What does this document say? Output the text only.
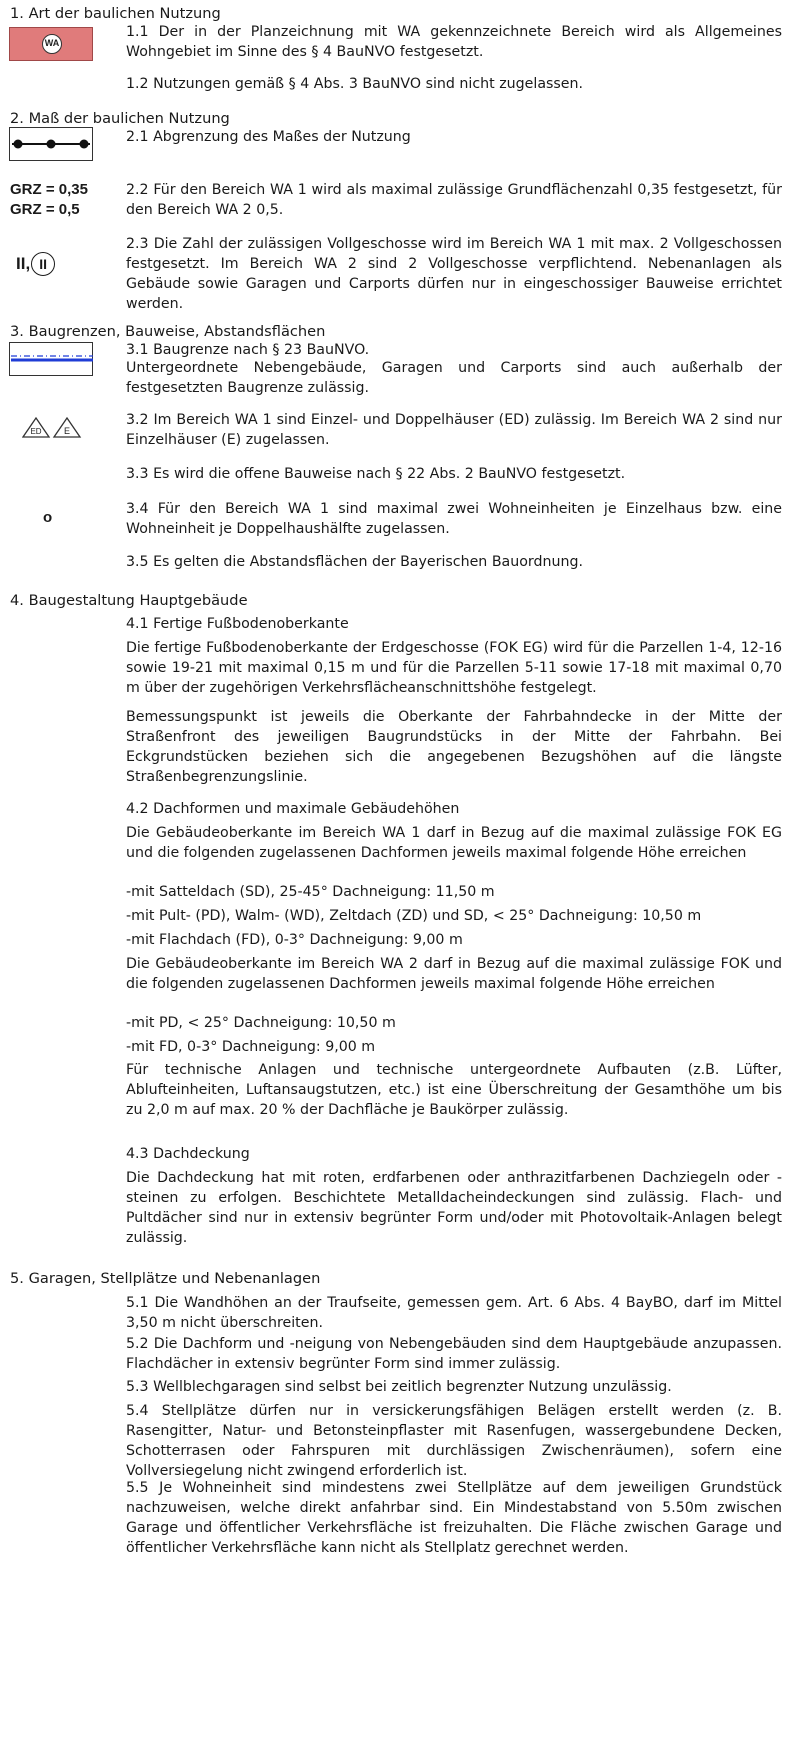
1. Art der baulichen Nutzung
WA
1.1 Der in der Planzeichnung mit WA gekennzeichnete Bereich wird als Allgemeines Wohngebiet im Sinne des § 4 BauNVO festgesetzt.
1.2 Nutzungen gemäß § 4 Abs. 3 BauNVO sind nicht zugelassen.
2. Maß der baulichen Nutzung
2.1 Abgrenzung des Maßes der Nutzung
GRZ = 0,35
GRZ = 0,5
2.2 Für den Bereich WA 1 wird als maximal zulässige Grundflächenzahl 0,35 festgesetzt, für den Bereich WA 2 0,5.
II, II
2.3 Die Zahl der zulässigen Vollgeschosse wird im Bereich WA 1 mit max. 2 Vollgeschossen festgesetzt. Im Bereich WA 2 sind 2 Vollgeschosse verpflichtend. Nebenanlagen als Gebäude sowie Garagen und Carports dürfen nur in eingeschossiger Bauweise errichtet werden.
3. Baugrenzen, Bauweise, Abstandsflächen
3.1 Baugrenze nach § 23 BauNVO.
Untergeordnete Nebengebäude, Garagen und Carports sind auch außerhalb der festgesetzten Baugrenze zulässig.
ED E
3.2 Im Bereich WA 1 sind Einzel- und Doppelhäuser (ED) zulässig. Im Bereich WA 2 sind nur Einzelhäuser (E) zugelassen.
o
3.3 Es wird die offene Bauweise nach § 22 Abs. 2 BauNVO festgesetzt.
3.4 Für den Bereich WA 1 sind maximal zwei Wohneinheiten je Einzelhaus bzw. eine Wohneinheit je Doppelhaushälfte zugelassen.
3.5 Es gelten die Abstandsflächen der Bayerischen Bauordnung.
4. Baugestaltung Hauptgebäude
4.1 Fertige Fußbodenoberkante
Die fertige Fußbodenoberkante der Erdgeschosse (FOK EG) wird für die Parzellen 1-4, 12-16 sowie 19-21 mit maximal 0,15 m und für die Parzellen 5-11 sowie 17-18 mit maximal 0,70 m über der zugehörigen Verkehrsflächeanschnittshöhe festgelegt.
Bemessungspunkt ist jeweils die Oberkante der Fahrbahndecke in der Mitte der Straßenfront des jeweiligen Baugrundstücks in der Mitte der Fahrbahn. Bei Eckgrundstücken beziehen sich die angegebenen Bezugshöhen auf die längste Straßenbegrenzungslinie.
4.2 Dachformen und maximale Gebäudehöhen
Die Gebäudeoberkante im Bereich WA 1 darf in Bezug auf die maximal zulässige FOK EG und die folgenden zugelassenen Dachformen jeweils maximal folgende Höhe erreichen
-mit Satteldach (SD), 25-45° Dachneigung: 11,50 m
-mit Pult- (PD), Walm- (WD), Zeltdach (ZD) und SD, < 25° Dachneigung: 10,50 m
-mit Flachdach (FD), 0-3° Dachneigung: 9,00 m
Die Gebäudeoberkante im Bereich WA 2 darf in Bezug auf die maximal zulässige FOK und die folgenden zugelassenen Dachformen jeweils maximal folgende Höhe erreichen
-mit PD, < 25° Dachneigung: 10,50 m
-mit FD, 0-3° Dachneigung: 9,00 m
Für technische Anlagen und technische untergeordnete Aufbauten (z.B. Lüfter, Ablufteinheiten, Luftansaugstutzen, etc.) ist eine Überschreitung der Gesamthöhe um bis zu 2,0 m auf max. 20 % der Dachfläche je Baukörper zulässig.
4.3 Dachdeckung
Die Dachdeckung hat mit roten, erdfarbenen oder anthrazitfarbenen Dachziegeln oder -steinen zu erfolgen. Beschichtete Metalldacheindeckungen sind zulässig. Flach- und Pultdächer sind nur in extensiv begrünter Form und/oder mit Photovoltaik-Anlagen belegt zulässig.
5. Garagen, Stellplätze und Nebenanlagen
5.1 Die Wandhöhen an der Traufseite, gemessen gem. Art. 6 Abs. 4 BayBO, darf im Mittel 3,50 m nicht überschreiten.
5.2 Die Dachform und -neigung von Nebengebäuden sind dem Hauptgebäude anzupassen. Flachdächer in extensiv begrünter Form sind immer zulässig.
5.3 Wellblechgaragen sind selbst bei zeitlich begrenzter Nutzung unzulässig.
5.4 Stellplätze dürfen nur in versickerungsfähigen Belägen erstellt werden (z. B. Rasengitter, Natur- und Betonsteinpflaster mit Rasenfugen, wassergebundene Decken, Schotterrasen oder Fahrspuren mit durchlässigen Zwischenräumen), sofern eine Vollversiegelung nicht zwingend erforderlich ist.
5.5 Je Wohneinheit sind mindestens zwei Stellplätze auf dem jeweiligen Grundstück nachzuweisen, welche direkt anfahrbar sind. Ein Mindestabstand von 5.50m zwischen Garage und öffentlicher Verkehrsfläche ist freizuhalten. Die Fläche zwischen Garage und öffentlicher Verkehrsfläche kann nicht als Stellplatz gerechnet werden.
